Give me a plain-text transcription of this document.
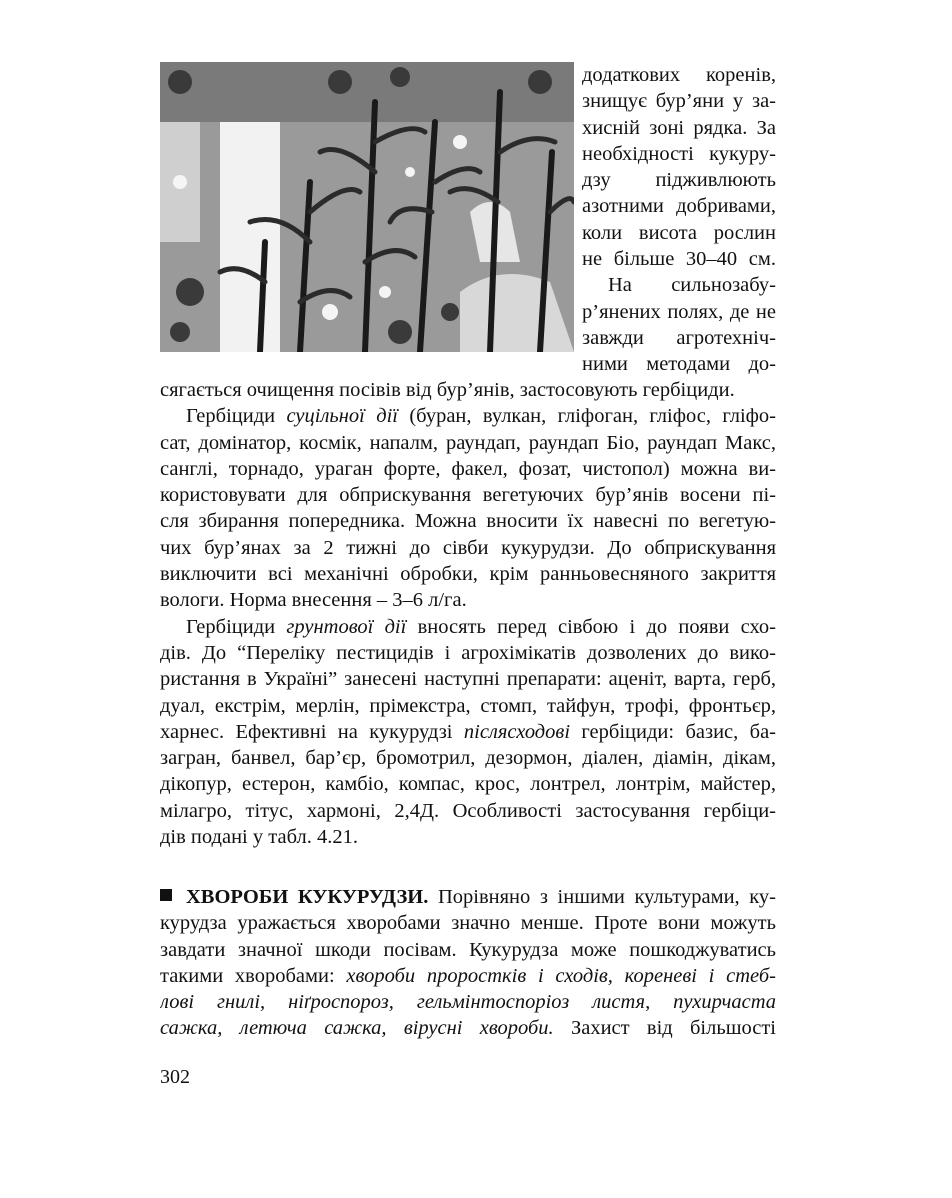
додаткових коренів,
знищує бур’яни у за-
хисній зоні рядка. За
необхідності кукуру-
дзу підживлюють
азотними добривами,
коли висота рослин
не більше 30–40 см.
На сильнозабу-
р’янених полях, де не
завжди агротехніч-
ними методами до-
сягається очищення посівів від бур’янів, застосовують гербіциди.
Гербіциди суцільної дії (буран, вулкан, гліфоган, гліфос, гліфо-
сат, домінатор, космік, напалм, раундап, раундап Біо, раундап Макс,
санглі, торнадо, ураган форте, факел, фозат, чистопол) можна ви-
користовувати для обприскування вегетуючих бур’янів восени пі-
сля збирання попередника. Можна вносити їх навесні по вегетую-
чих бур’янах за 2 тижні до сівби кукурудзи. До обприскування
виключити всі механічні обробки, крім ранньовесняного закриття
вологи. Норма внесення – 3–6 л/га.
Гербіциди грунтової дії вносять перед сівбою і до появи схо-
дів. До “Переліку пестицидів і агрохімікатів дозволених до вико-
ристання в Україні” занесені наступні препарати: аценіт, варта, герб,
дуал, екстрім, мерлін, прімекстра, стомп, тайфун, трофі, фронтьєр,
харнес. Ефективні на кукурудзі післясходові гербіциди: базис, ба-
загран, банвел, бар’єр, бромотрил, дезормон, діален, діамін, дікам,
дікопур, естерон, камбіо, компас, крос, лонтрел, лонтрім, майстер,
мілагро, тітус, хармоні, 2,4Д. Особливості застосування гербіци-
дів подані у табл. 4.21.
ХВОРОБИ КУКУРУДЗИ. Порівняно з іншими культурами, ку-
курудза уражається хворобами значно менше. Проте вони можуть
завдати значної шкоди посівам. Кукурудза може пошкоджуватись
такими хворобами: хвороби проростків і сходів, кореневі і стеб-
лові гнилі, ніґроспороз, гельмінтоспоріоз листя, пухирчаста
сажка, летюча сажка, вірусні хвороби. Захист від більшості
302
